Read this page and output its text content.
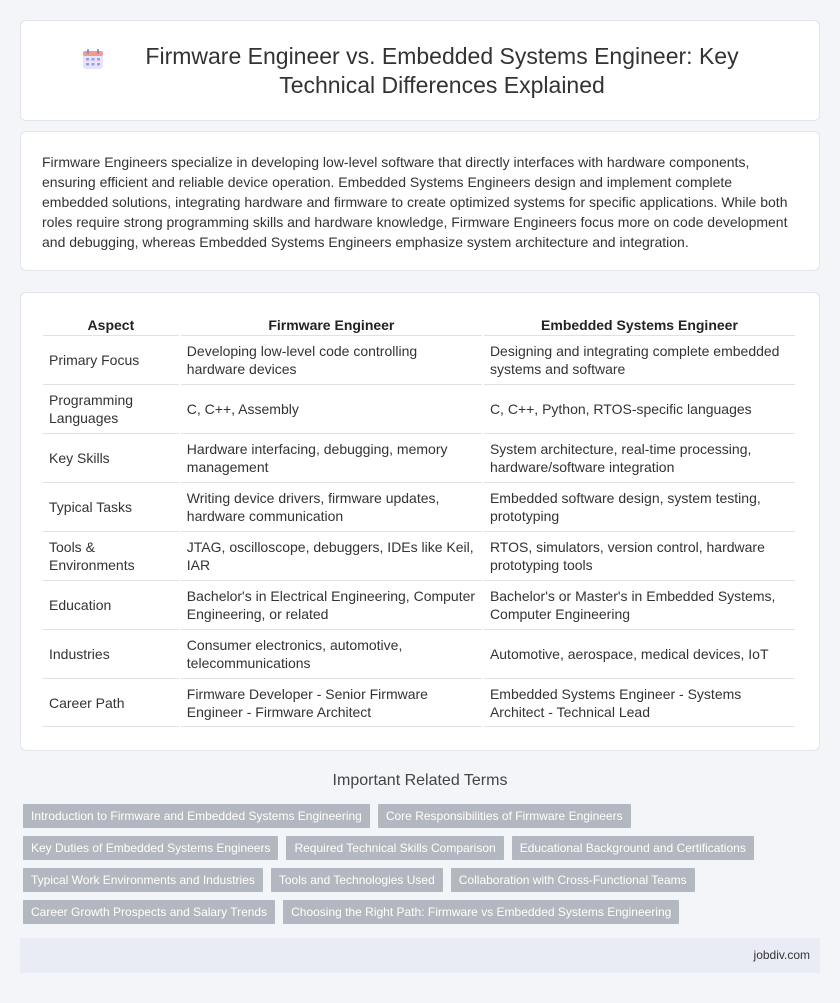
Firmware Engineer vs. Embedded Systems Engineer: Key Technical Differences Explained

Firmware Engineers specialize in developing low-level software that directly interfaces with hardware components, ensuring efficient and reliable device operation. Embedded Systems Engineers design and implement complete embedded solutions, integrating hardware and firmware to create optimized systems for specific applications. While both roles require strong programming skills and hardware knowledge, Firmware Engineers focus more on code development and debugging, whereas Embedded Systems Engineers emphasize system architecture and integration.

Aspect	Firmware Engineer	Embedded Systems Engineer
Primary Focus	Developing low-level code controlling hardware devices	Designing and integrating complete embedded systems and software
Programming Languages	C, C++, Assembly	C, C++, Python, RTOS-specific languages
Key Skills	Hardware interfacing, debugging, memory management	System architecture, real-time processing, hardware/software integration
Typical Tasks	Writing device drivers, firmware updates, hardware communication	Embedded software design, system testing, prototyping
Tools & Environments	JTAG, oscilloscope, debuggers, IDEs like Keil, IAR	RTOS, simulators, version control, hardware prototyping tools
Education	Bachelor's in Electrical Engineering, Computer Engineering, or related	Bachelor's or Master's in Embedded Systems, Computer Engineering
Industries	Consumer electronics, automotive, telecommunications	Automotive, aerospace, medical devices, IoT
Career Path	Firmware Developer - Senior Firmware Engineer - Firmware Architect	Embedded Systems Engineer - Systems Architect - Technical Lead
Important Related Terms
Introduction to Firmware and Embedded Systems Engineering	Core Responsibilities of Firmware Engineers
Key Duties of Embedded Systems Engineers	Required Technical Skills Comparison	Educational Background and Certifications
Typical Work Environments and Industries	Tools and Technologies Used	Collaboration with Cross-Functional Teams
Career Growth Prospects and Salary Trends	Choosing the Right Path: Firmware vs Embedded Systems Engineering
jobdiv.com
